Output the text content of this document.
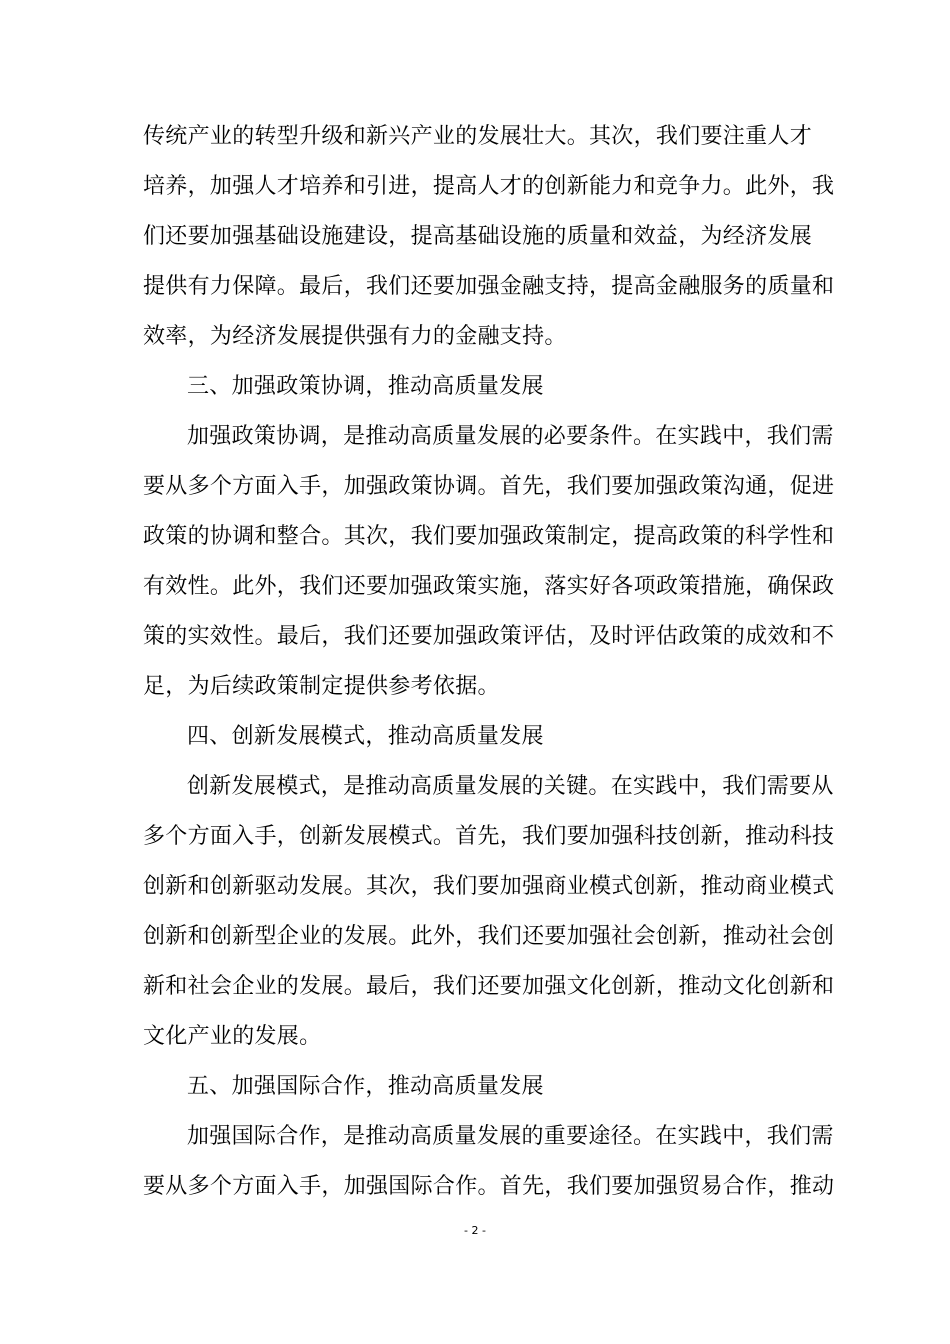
传统产业的转型升级和新兴产业的发展壮大。其次，我们要注重人才
培养，加强人才培养和引进，提高人才的创新能力和竞争力。此外，我
们还要加强基础设施建设，提高基础设施的质量和效益，为经济发展
提供有力保障。最后，我们还要加强金融支持，提高金融服务的质量和
效率，为经济发展提供强有力的金融支持。
三、加强政策协调，推动高质量发展
加强政策协调，是推动高质量发展的必要条件。在实践中，我们需
要从多个方面入手，加强政策协调。首先，我们要加强政策沟通，促进
政策的协调和整合。其次，我们要加强政策制定，提高政策的科学性和
有效性。此外，我们还要加强政策实施，落实好各项政策措施，确保政
策的实效性。最后，我们还要加强政策评估，及时评估政策的成效和不
足，为后续政策制定提供参考依据。
四、创新发展模式，推动高质量发展
创新发展模式，是推动高质量发展的关键。在实践中，我们需要从
多个方面入手，创新发展模式。首先，我们要加强科技创新，推动科技
创新和创新驱动发展。其次，我们要加强商业模式创新，推动商业模式
创新和创新型企业的发展。此外，我们还要加强社会创新，推动社会创
新和社会企业的发展。最后，我们还要加强文化创新，推动文化创新和
文化产业的发展。
五、加强国际合作，推动高质量发展
加强国际合作，是推动高质量发展的重要途径。在实践中，我们需
要从多个方面入手，加强国际合作。首先，我们要加强贸易合作，推动
- 2 -
